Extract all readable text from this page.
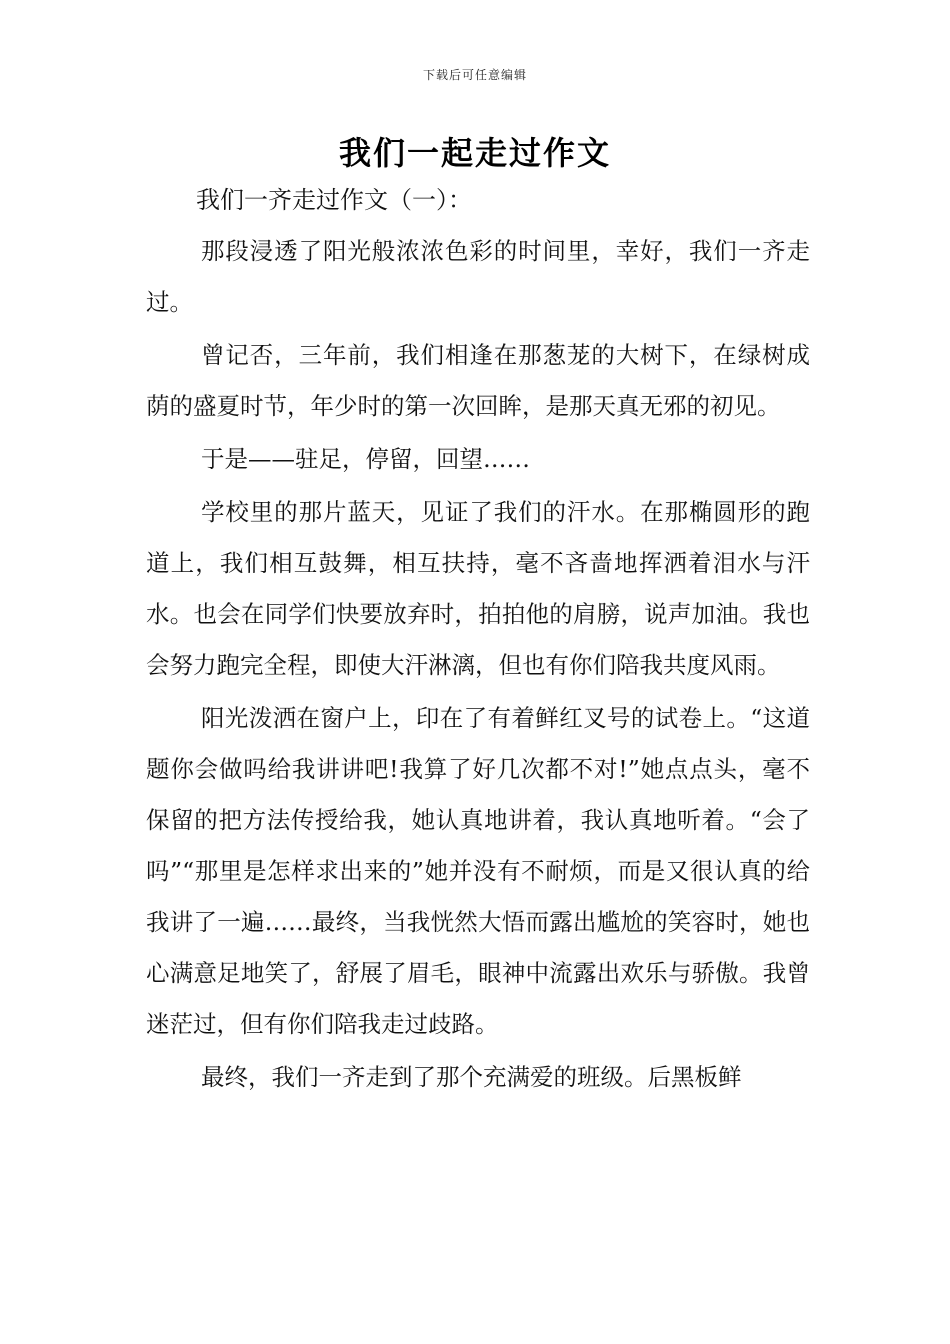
下载后可任意编辑
我们一起走过作文
我们一齐走过作文（一）：

那段浸透了阳光般浓浓色彩的时间里，幸好，我们一齐走过。

曾记否，三年前，我们相逢在那葱茏的大树下，在绿树成荫的盛夏时节，年少时的第一次回眸，是那天真无邪的初见。

于是——驻足，停留，回望……

学校里的那片蓝天，见证了我们的汗水。在那椭圆形的跑道上，我们相互鼓舞，相互扶持，毫不吝啬地挥洒着泪水与汗水。也会在同学们快要放弃时，拍拍他的肩膀，说声加油。我也会努力跑完全程，即使大汗淋漓，但也有你们陪我共度风雨。

阳光泼洒在窗户上，印在了有着鲜红叉号的试卷上。“这道题你会做吗给我讲讲吧!我算了好几次都不对!”她点点头，毫不保留的把方法传授给我，她认真地讲着，我认真地听着。“会了吗”“那里是怎样求出来的”她并没有不耐烦，而是又很认真的给我讲了一遍……最终，当我恍然大悟而露出尴尬的笑容时，她也心满意足地笑了，舒展了眉毛，眼神中流露出欢乐与骄傲。我曾迷茫过，但有你们陪我走过歧路。

最终，我们一齐走到了那个充满爱的班级。后黑板鲜
